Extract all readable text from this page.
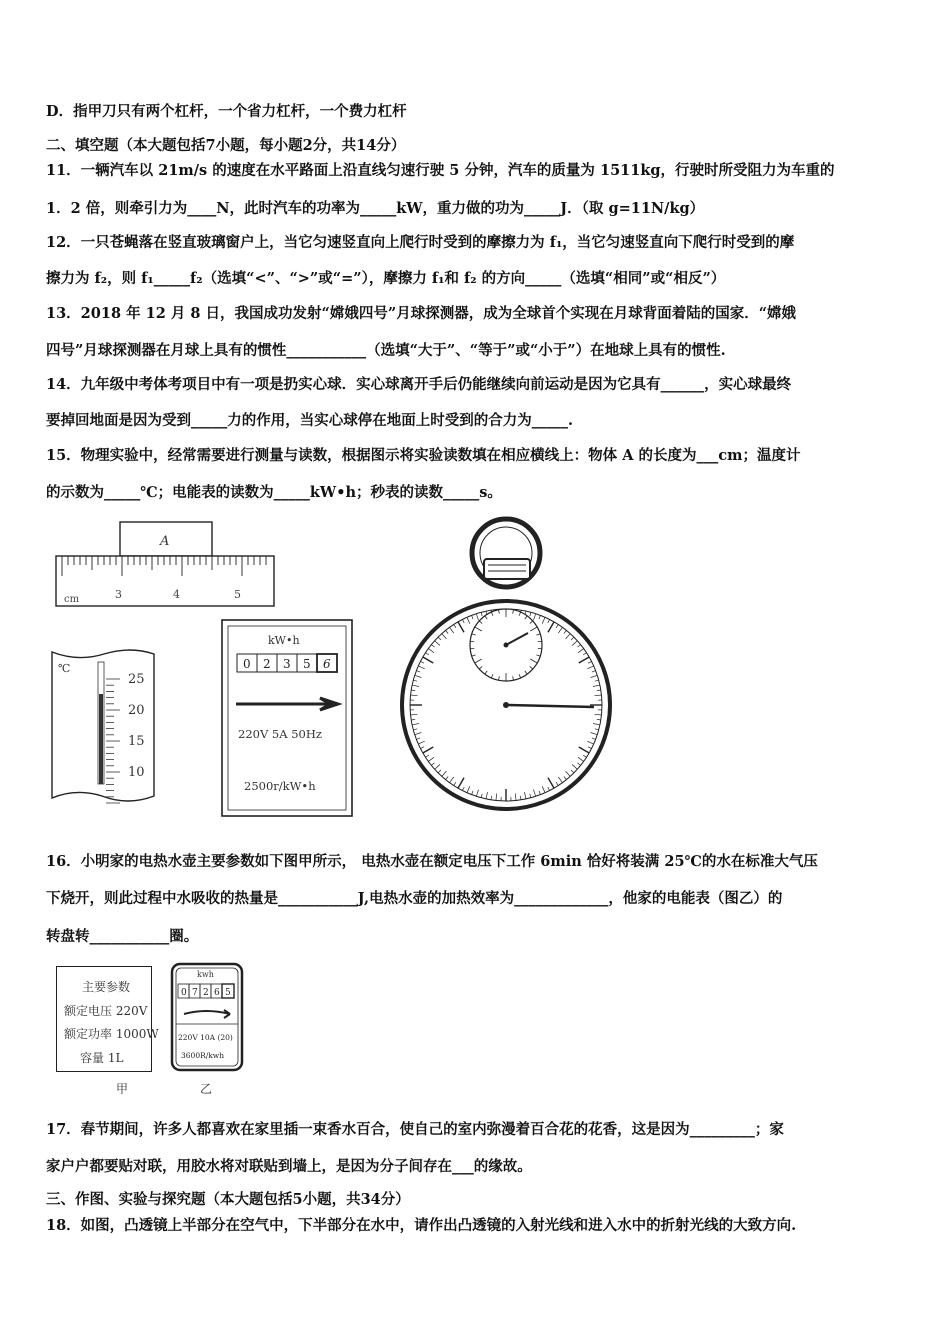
D．指甲刀只有两个杠杆，一个省力杠杆，一个费力杠杆
二、填空题（本大题包括7小题，每小题2分，共14分）
11．一辆汽车以 21m/s 的速度在水平路面上沿直线匀速行驶 5 分钟，汽车的质量为 1511kg，行驶时所受阻力为车重的
1．2 倍，则牵引力为____N，此时汽车的功率为_____kW，重力做的功为_____J．（取 g=11N/kg）
12．一只苍蝇落在竖直玻璃窗户上，当它匀速竖直向上爬行时受到的摩擦力为 f₁，当它匀速竖直向下爬行时受到的摩
擦力为 f₂，则 f₁_____f₂（选填“<”、“>”或“=”），摩擦力 f₁和 f₂ 的方向_____（选填“相同”或“相反”）
13．2018 年 12 月 8 日，我国成功发射“嫦娥四号”月球探测器，成为全球首个实现在月球背面着陆的国家．“嫦娥
四号”月球探测器在月球上具有的惯性___________（选填“大于”、“等于”或“小于”）在地球上具有的惯性.
14．九年级中考体考项目中有一项是扔实心球．实心球离开手后仍能继续向前运动是因为它具有______，实心球最终
要掉回地面是因为受到_____力的作用，当实心球停在地面上时受到的合力为_____.
15．物理实验中，经常需要进行测量与读数，根据图示将实验读数填在相应横线上：物体 A 的长度为___cm；温度计
的示数为_____℃；电能表的读数为_____kW•h；秒表的读数_____s。
A
cm	3	4	5
℃
25
20
15
10
kW•h
0 2 3 5 6
220V 5A 50Hz
2500r/kW•h
16．小明家的电热水壶主要参数如下图甲所示， 电热水壶在额定电压下工作 6min 恰好将装满 25℃的水在标准大气压
下烧开，则此过程中水吸收的热量是___________J,电热水壶的加热效率为_____________，他家的电能表（图乙）的
转盘转___________圈。
主要参数
额定电压 220V
额定功率 1000W
容量 1L
甲
kwh
0 7 2 6 5
220V 10A (20)
3600R/kwh
乙
17．春节期间，许多人都喜欢在家里插一束香水百合，使自己的室内弥漫着百合花的花香，这是因为_________；家
家户户都要贴对联，用胶水将对联贴到墙上，是因为分子间存在___的缘故。
三、作图、实验与探究题（本大题包括5小题，共34分）
18．如图，凸透镜上半部分在空气中，下半部分在水中，请作出凸透镜的入射光线和进入水中的折射光线的大致方向.
